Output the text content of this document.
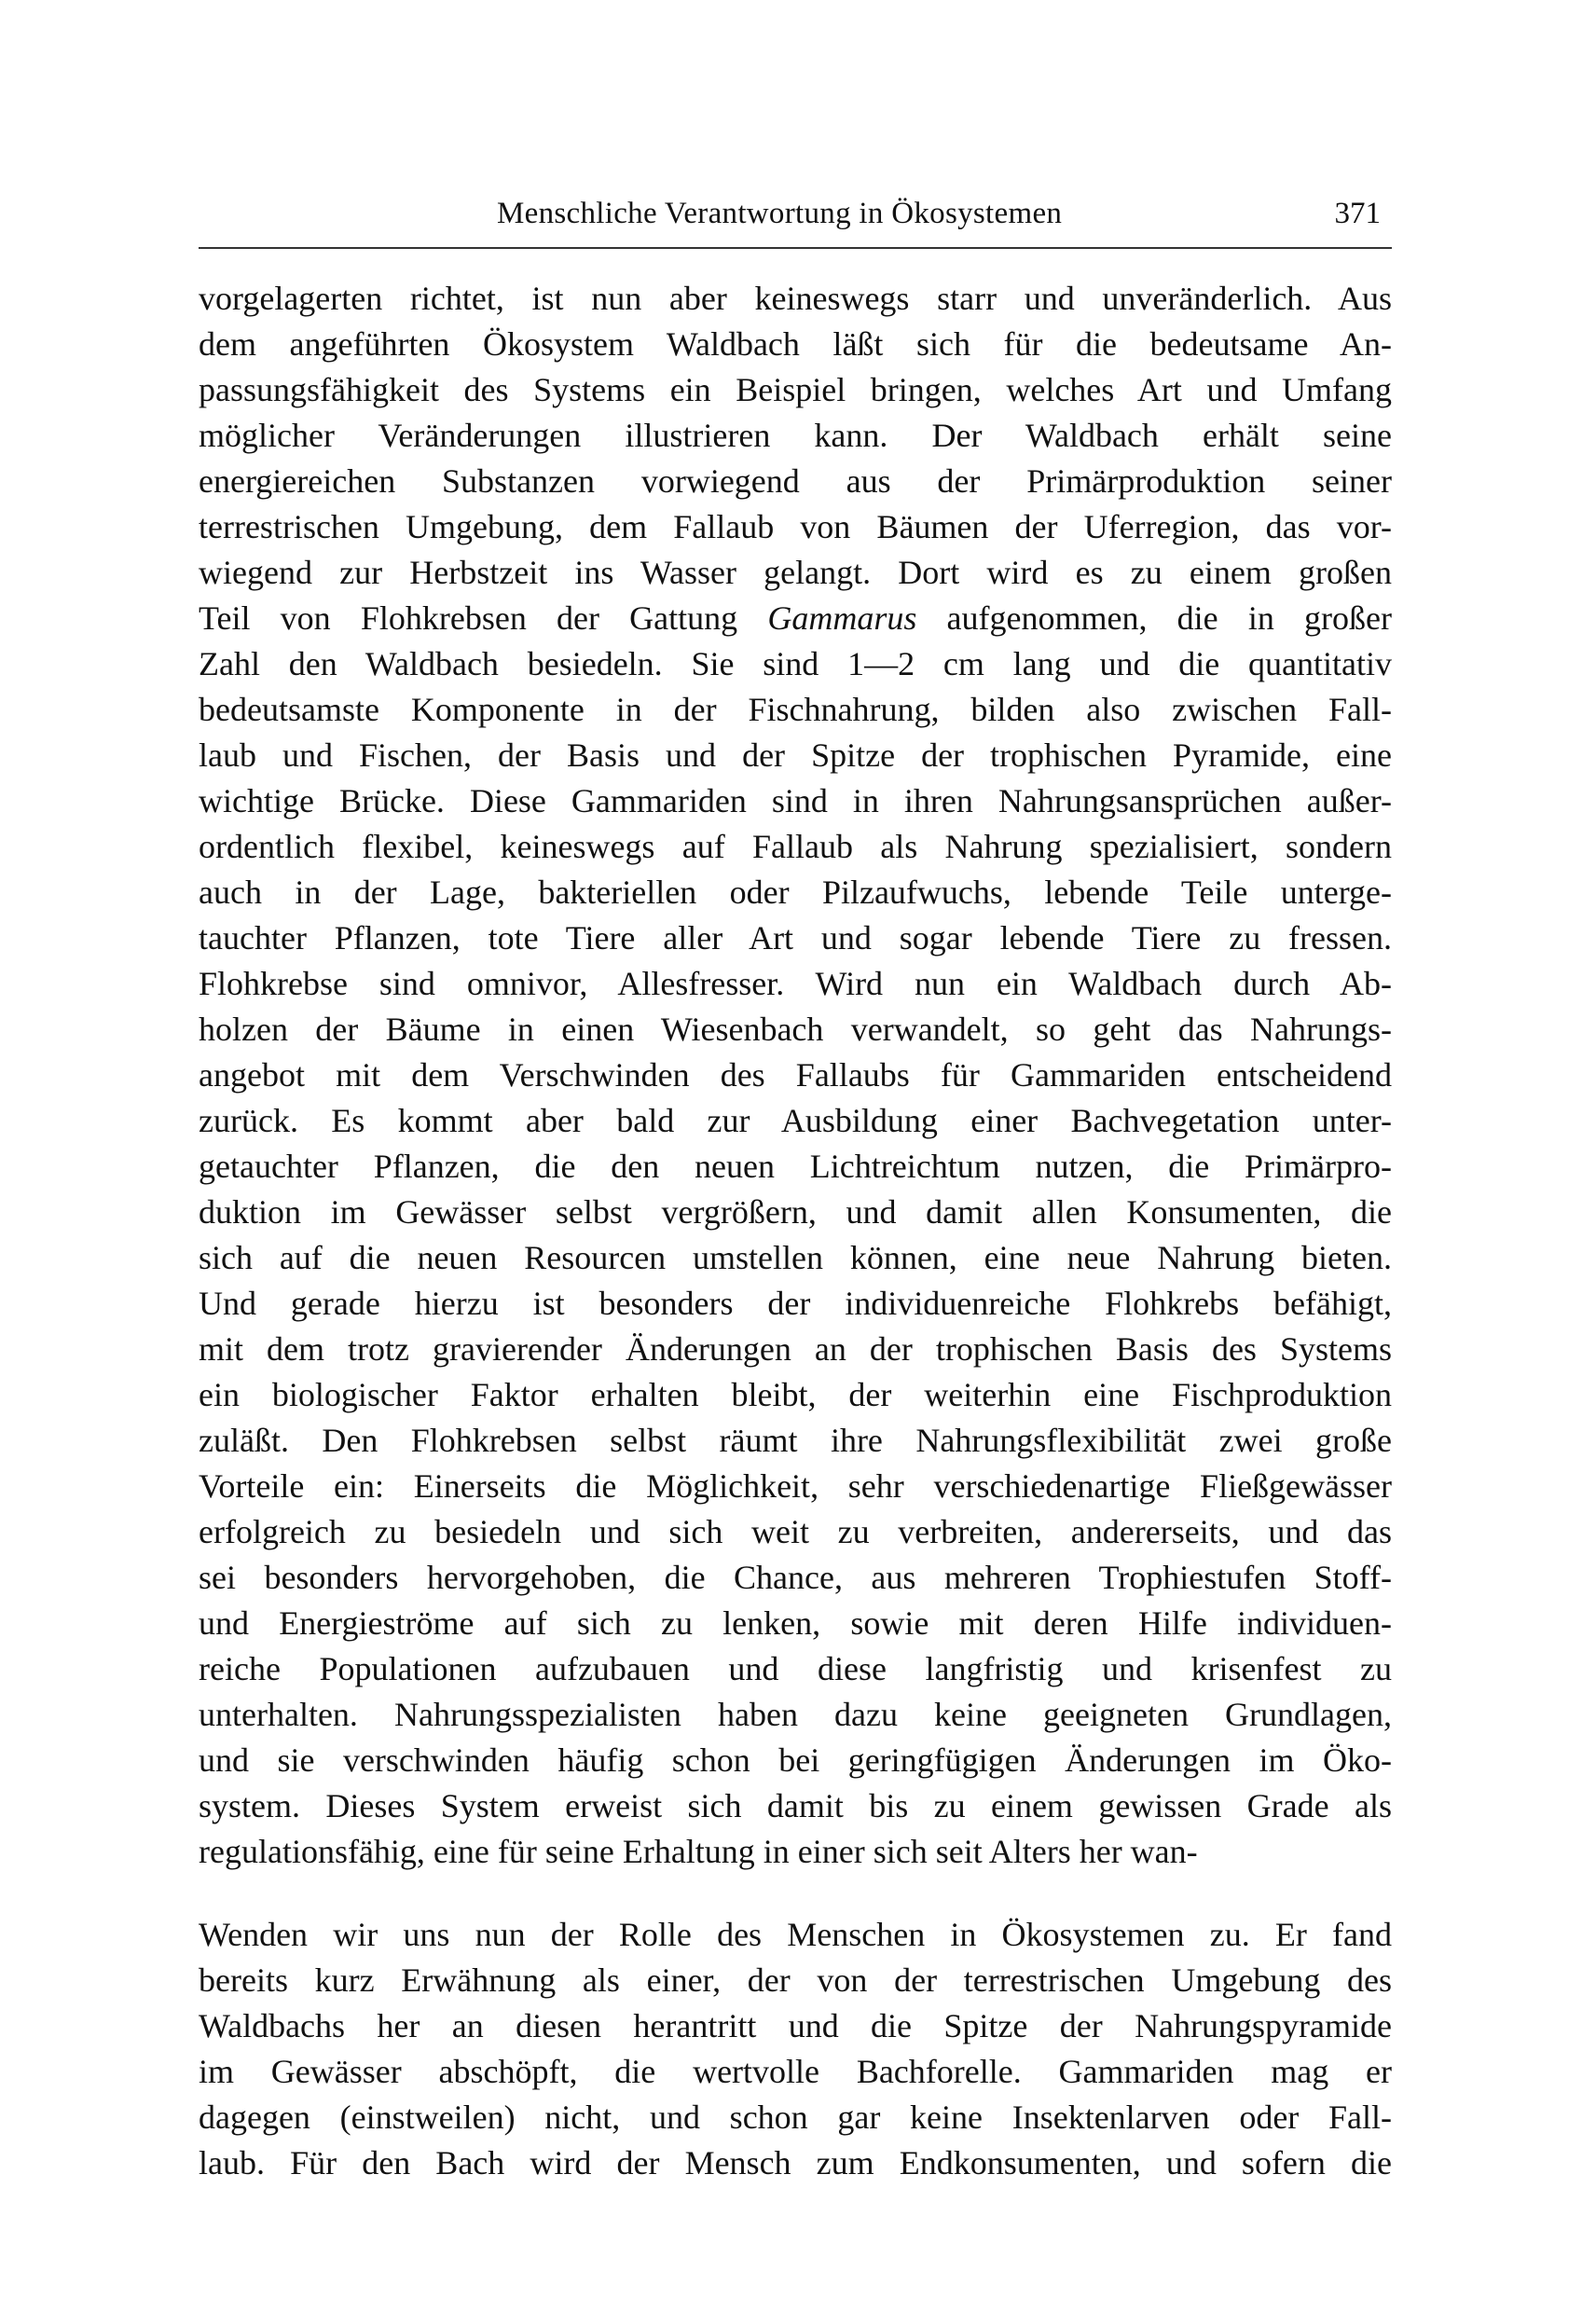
Menschliche Verantwortung in Ökosystemen	371
vorgelagerten richtet, ist nun aber keineswegs starr und unveränderlich. Aus
dem angeführten Ökosystem Waldbach läßt sich für die bedeutsame An-
passungsfähigkeit des Systems ein Beispiel bringen, welches Art und Umfang
möglicher Veränderungen illustrieren kann. Der Waldbach erhält seine
energiereichen Substanzen vorwiegend aus der Primärproduktion seiner
terrestrischen Umgebung, dem Fallaub von Bäumen der Uferregion, das vor-
wiegend zur Herbstzeit ins Wasser gelangt. Dort wird es zu einem großen
Teil von Flohkrebsen der Gattung Gammarus aufgenommen, die in großer
Zahl den Waldbach besiedeln. Sie sind 1—2 cm lang und die quantitativ
bedeutsamste Komponente in der Fischnahrung, bilden also zwischen Fall-
laub und Fischen, der Basis und der Spitze der trophischen Pyramide, eine
wichtige Brücke. Diese Gammariden sind in ihren Nahrungsansprüchen außer-
ordentlich flexibel, keineswegs auf Fallaub als Nahrung spezialisiert, sondern
auch in der Lage, bakteriellen oder Pilzaufwuchs, lebende Teile unterge-
tauchter Pflanzen, tote Tiere aller Art und sogar lebende Tiere zu fressen.
Flohkrebse sind omnivor, Allesfresser. Wird nun ein Waldbach durch Ab-
holzen der Bäume in einen Wiesenbach verwandelt, so geht das Nahrungs-
angebot mit dem Verschwinden des Fallaubs für Gammariden entscheidend
zurück. Es kommt aber bald zur Ausbildung einer Bachvegetation unter-
getauchter Pflanzen, die den neuen Lichtreichtum nutzen, die Primärpro-
duktion im Gewässer selbst vergrößern, und damit allen Konsumenten, die
sich auf die neuen Resourcen umstellen können, eine neue Nahrung bieten.
Und gerade hierzu ist besonders der individuenreiche Flohkrebs befähigt,
mit dem trotz gravierender Änderungen an der trophischen Basis des Systems
ein biologischer Faktor erhalten bleibt, der weiterhin eine Fischproduktion
zuläßt. Den Flohkrebsen selbst räumt ihre Nahrungsflexibilität zwei große
Vorteile ein: Einerseits die Möglichkeit, sehr verschiedenartige Fließgewässer
erfolgreich zu besiedeln und sich weit zu verbreiten, andererseits, und das
sei besonders hervorgehoben, die Chance, aus mehreren Trophiestufen Stoff-
und Energieströme auf sich zu lenken, sowie mit deren Hilfe individuen-
reiche Populationen aufzubauen und diese langfristig und krisenfest zu
unterhalten. Nahrungsspezialisten haben dazu keine geeigneten Grundlagen,
und sie verschwinden häufig schon bei geringfügigen Änderungen im Öko-
system. Dieses System erweist sich damit bis zu einem gewissen Grade als
regulationsfähig, eine für seine Erhaltung in einer sich seit Alters her wan-
Wenden wir uns nun der Rolle des Menschen in Ökosystemen zu. Er fand
bereits kurz Erwähnung als einer, der von der terrestrischen Umgebung des
Waldbachs her an diesen herantritt und die Spitze der Nahrungspyramide
im Gewässer abschöpft, die wertvolle Bachforelle. Gammariden mag er
dagegen (einstweilen) nicht, und schon gar keine Insektenlarven oder Fall-
laub. Für den Bach wird der Mensch zum Endkonsumenten, und sofern die
